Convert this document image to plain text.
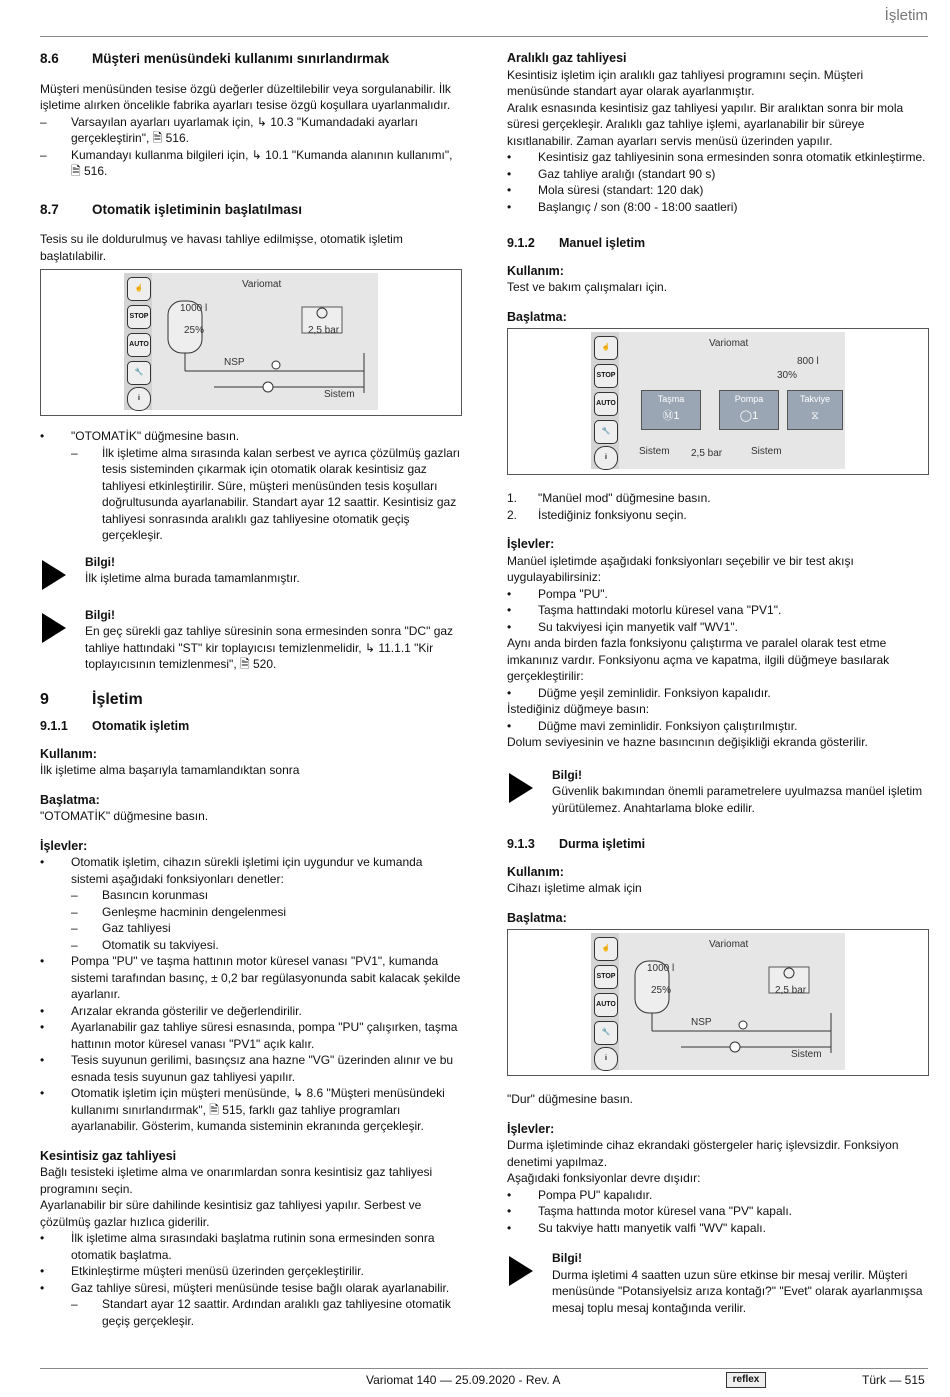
İşletim
8.6	Müşteri menüsündeki kullanımı sınırlandırmak

Müşteri menüsünden tesise özgü değerler düzeltilebilir veya sorgulanabilir. İlk işletime alırken öncelikle fabrika ayarları tesise özgü koşullara uyarlanmalıdır.

–	Varsayılan ayarları uyarlamak için, ↳ 10.3 "Kumandadaki ayarları gerçekleştirin", 🗎 516.
–	Kumandayı kullanma bilgileri için, ↳ 10.1 "Kumanda alanının kullanımı", 🗎 516.
8.7	Otomatik işletiminin başlatılması

Tesis su ile doldurulmuş ve havası tahliye edilmişse, otomatik işletim başlatılabilir.

☝
STOP
AUTO
🔧
i
Variomat
1000 l
25%	2,5 bar
NSP
Sistem
•	"OTOMATİK" düğmesine basın.
–	İlk işletime alma sırasında kalan serbest ve ayrıca çözülmüş gazları tesis sisteminden çıkarmak için otomatik olarak kesintisiz gaz tahliyesi etkinleştirilir. Süre, müşteri menüsünden tesis koşulları doğrultusunda ayarlanabilir. Standart ayar 12 saattir. Kesintisiz gaz tahliyesi sonrasında aralıklı gaz tahliyesine otomatik geçiş gerçekleşir.
Bilgi!
İlk işletime alma burada tamamlanmıştır.
Bilgi!
En geç sürekli gaz tahliye süresinin sona ermesinden sonra "DC" gaz tahliye hattındaki "ST" kir toplayıcısı temizlenmelidir, ↳ 11.1.1 "Kir toplayıcısının temizlenmesi", 🗎 520.
9	İşletim
9.1.1	Otomatik işletim
Kullanım:

İlk işletime alma başarıyla tamamlandıktan sonra

Başlatma:

"OTOMATİK" düğmesine basın.

İşlevler:
•	Otomatik işletim, cihazın sürekli işletimi için uygundur ve kumanda sistemi aşağıdaki fonksiyonları denetler:
–	Basıncın korunması
–	Genleşme hacminin dengelenmesi
–	Gaz tahliyesi
–	Otomatik su takviyesi.
•	Pompa "PU" ve taşma hattının motor küresel vanası "PV1", kumanda sistemi tarafından basınç, ± 0,2 bar regülasyonunda sabit kalacak şekilde ayarlanır.
•	Arızalar ekranda gösterilir ve değerlendirilir.
•	Ayarlanabilir gaz tahliye süresi esnasında, pompa "PU" çalışırken, taşma hattının motor küresel vanası "PV1" açık kalır.
•	Tesis suyunun gerilimi, basınçsız ana hazne "VG" üzerinden alınır ve bu esnada tesis suyunun gaz tahliyesi yapılır.
•	Otomatik işletim için müşteri menüsünde, ↳ 8.6 "Müşteri menüsündeki kullanımı sınırlandırmak", 🗎 515, farklı gaz tahliye programları ayarlanabilir. Gösterim, kumanda sisteminin ekranında gerçekleşir.
Kesintisiz gaz tahliyesi

Bağlı tesisteki işletime alma ve onarımlardan sonra kesintisiz gaz tahliyesi programını seçin.

Ayarlanabilir bir süre dahilinde kesintisiz gaz tahliyesi yapılır. Serbest ve çözülmüş gazlar hızlıca giderilir.

•	İlk işletime alma sırasındaki başlatma rutinin sona ermesinden sonra otomatik başlatma.
•	Etkinleştirme müşteri menüsü üzerinden gerçekleştirilir.
•	Gaz tahliye süresi, müşteri menüsünde tesise bağlı olarak ayarlanabilir.
–	Standart ayar 12 saattir. Ardından aralıklı gaz tahliyesine otomatik geçiş gerçekleşir.
Aralıklı gaz tahliyesi

Kesintisiz işletim için aralıklı gaz tahliyesi programını seçin. Müşteri menüsünde standart ayar olarak ayarlanmıştır.

Aralık esnasında kesintisiz gaz tahliyesi yapılır. Bir aralıktan sonra bir mola süresi gerçekleşir. Aralıklı gaz tahliye işlemi, ayarlanabilir bir süreye kısıtlanabilir. Zaman ayarları servis menüsü üzerinden yapılır.

•	Kesintisiz gaz tahliyesinin sona ermesinden sonra otomatik etkinleştirme.
•	Gaz tahliye aralığı (standart 90 s)
•	Mola süresi (standart: 120 dak)
•	Başlangıç / son (8:00 - 18:00 saatleri)
9.1.2	Manuel işletim
Kullanım:

Test ve bakım çalışmaları için.

Başlatma:
☝
STOP
AUTO
🔧
i
Variomat
800 l
30%
Taşma
Ⓜ1
Pompa
◯1
Takviye
⧖
Sistem 2,5 bar	Sistem
1.	"Manüel mod" düğmesine basın.
2.	İstediğiniz fonksiyonu seçin.
İşlevler:

Manüel işletimde aşağıdaki fonksiyonları seçebilir ve bir test akışı uygulayabilirsiniz:

•	Pompa "PU".
•	Taşma hattındaki motorlu küresel vana "PV1".
•	Su takviyesi için manyetik valf "WV1".

Aynı anda birden fazla fonksiyonu çalıştırma ve paralel olarak test etme imkanınız vardır. Fonksiyonu açma ve kapatma, ilgili düğmeye basılarak gerçekleştirilir:

•	Düğme yeşil zeminlidir. Fonksiyon kapalıdır.

İstediğiniz düğmeye basın:

•	Düğme mavi zeminlidir. Fonksiyon çalıştırılmıştır.

Dolum seviyesinin ve hazne basıncının değişikliği ekranda gösterilir.

Bilgi!
Güvenlik bakımından önemli parametrelere uyulmazsa manüel işletim yürütülemez. Anahtarlama bloke edilir.
9.1.3	Durma işletimi
Kullanım:

Cihazı işletime almak için

Başlatma:
☝
STOP
AUTO
🔧
i
Variomat
1000 l
25%	2,5 bar
NSP
Sistem

"Dur" düğmesine basın.

İşlevler:

Durma işletiminde cihaz ekrandaki göstergeler hariç işlevsizdir. Fonksiyon denetimi yapılmaz.

Aşağıdaki fonksiyonlar devre dışıdır:

•	Pompa PU" kapalıdır.
•	Taşma hattında motor küresel vana "PV" kapalı.
•	Su takviye hattı manyetik valfi "WV" kapalı.
Bilgi!
Durma işletimi 4 saatten uzun süre etkinse bir mesaj verilir. Müşteri menüsünde "Potansiyelsiz arıza kontağı?" "Evet" olarak ayarlanmışsa mesaj toplu mesaj kontağında verilir.
Variomat 140 — 25.09.2020 - Rev. A	reflex	Türk — 515
